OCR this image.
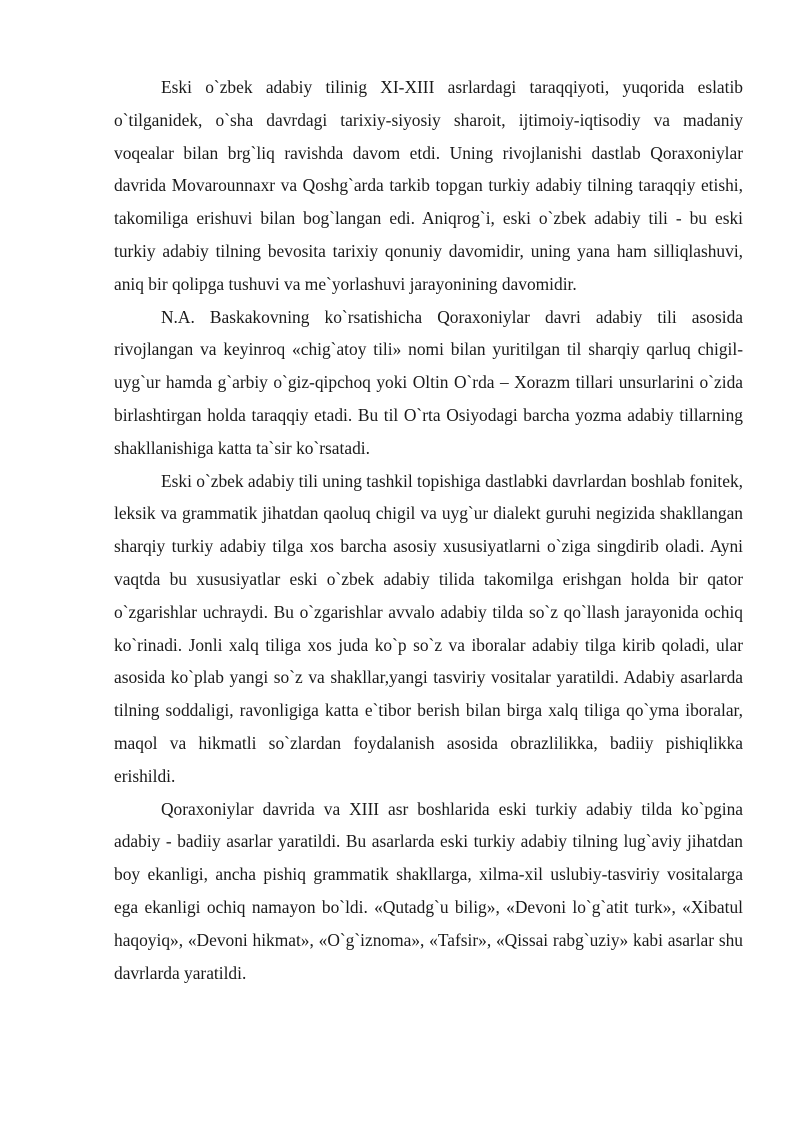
Eski o`zbek adabiy tilinig XI-XIII asrlardagi taraqqiyoti, yuqorida eslatib o`tilganidek, o`sha davrdagi tarixiy-siyosiy sharoit, ijtimoiy-iqtisodiy va madaniy voqealar bilan brg`liq ravishda davom etdi. Uning rivojlanishi dastlab Qoraxoniylar davrida Movarounnaxr va Qoshg`arda tarkib topgan turkiy adabiy tilning taraqqiy etishi, takomiliga erishuvi bilan bog`langan edi. Aniqrog`i, eski o`zbek adabiy tili - bu eski turkiy adabiy tilning bevosita tarixiy qonuniy davomidir, uning yana ham silliqlashuvi, aniq bir qolipga tushuvi va me`yorlashuvi jarayonining davomidir.

N.A. Baskakovning ko`rsatishicha Qoraxoniylar davri adabiy tili asosida rivojlangan va keyinroq «chig`atoy tili» nomi bilan yuritilgan til sharqiy qarluq chigil-uyg`ur hamda g`arbiy o`giz-qipchoq yoki Oltin O`rda – Xorazm tillari unsurlarini o`zida birlashtirgan holda taraqqiy etadi. Bu til O`rta Osiyodagi barcha yozma adabiy tillarning shakllanishiga katta ta`sir ko`rsatadi.

Eski o`zbek adabiy tili uning tashkil topishiga dastlabki davrlardan boshlab fonitek, leksik va grammatik jihatdan qaoluq chigil va uyg`ur dialekt guruhi negizida shakllangan sharqiy turkiy adabiy tilga xos barcha asosiy xususiyatlarni o`ziga singdirib oladi. Ayni vaqtda bu xususiyatlar eski o`zbek adabiy tilida takomilga erishgan holda bir qator o`zgarishlar uchraydi. Bu o`zgarishlar avvalo adabiy tilda so`z qo`llash jarayonida ochiq ko`rinadi. Jonli xalq tiliga xos juda ko`p so`z va iboralar adabiy tilga kirib qoladi, ular asosida ko`plab yangi so`z va shakllar,yangi tasviriy vositalar yaratildi. Adabiy asarlarda tilning soddaligi, ravonligiga katta e`tibor berish bilan birga xalq tiliga qo`yma iboralar, maqol va hikmatli so`zlardan foydalanish asosida obrazlilikka, badiiy pishiqlikka erishildi.

Qoraxoniylar davrida va XIII asr boshlarida eski turkiy adabiy tilda ko`pgina adabiy - badiiy asarlar yaratildi. Bu asarlarda eski turkiy adabiy tilning lug`aviy jihatdan boy ekanligi, ancha pishiq grammatik shakllarga, xilma-xil uslubiy-tasviriy vositalarga ega ekanligi ochiq namayon bo`ldi. «Qutadg`u bilig», «Devoni lo`g`atit turk», «Xibatul haqoyiq», «Devoni hikmat», «O`g`iznoma», «Tafsir», «Qissai rabg`uziy» kabi asarlar shu davrlarda yaratildi.
